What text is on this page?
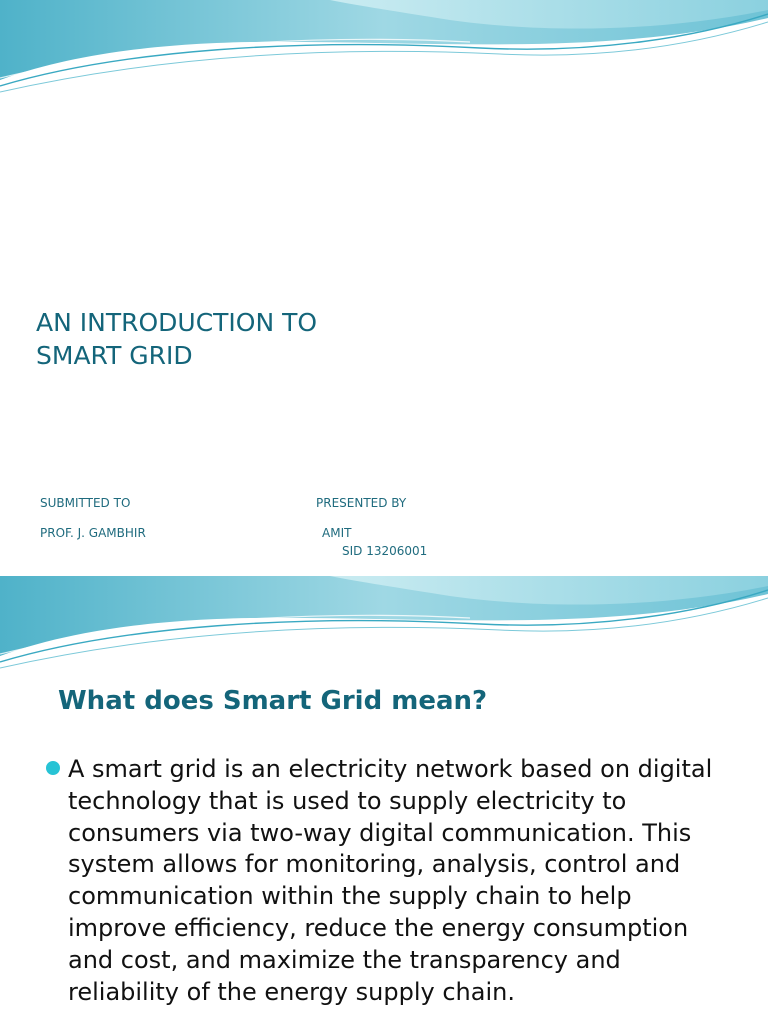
AN INTRODUCTION TO
SMART GRID

SUBMITTED TO

PROF. J. GAMBHIR

PRESENTED BY

AMIT

SID 13206001

What does Smart Grid mean?

A smart grid is an electricity network based on digital technology that is used to supply electricity to consumers via two-way digital communication. This system allows for monitoring, analysis, control and communication within the supply chain to help improve efficiency, reduce the energy consumption and cost, and maximize the transparency and reliability of the energy supply chain.
